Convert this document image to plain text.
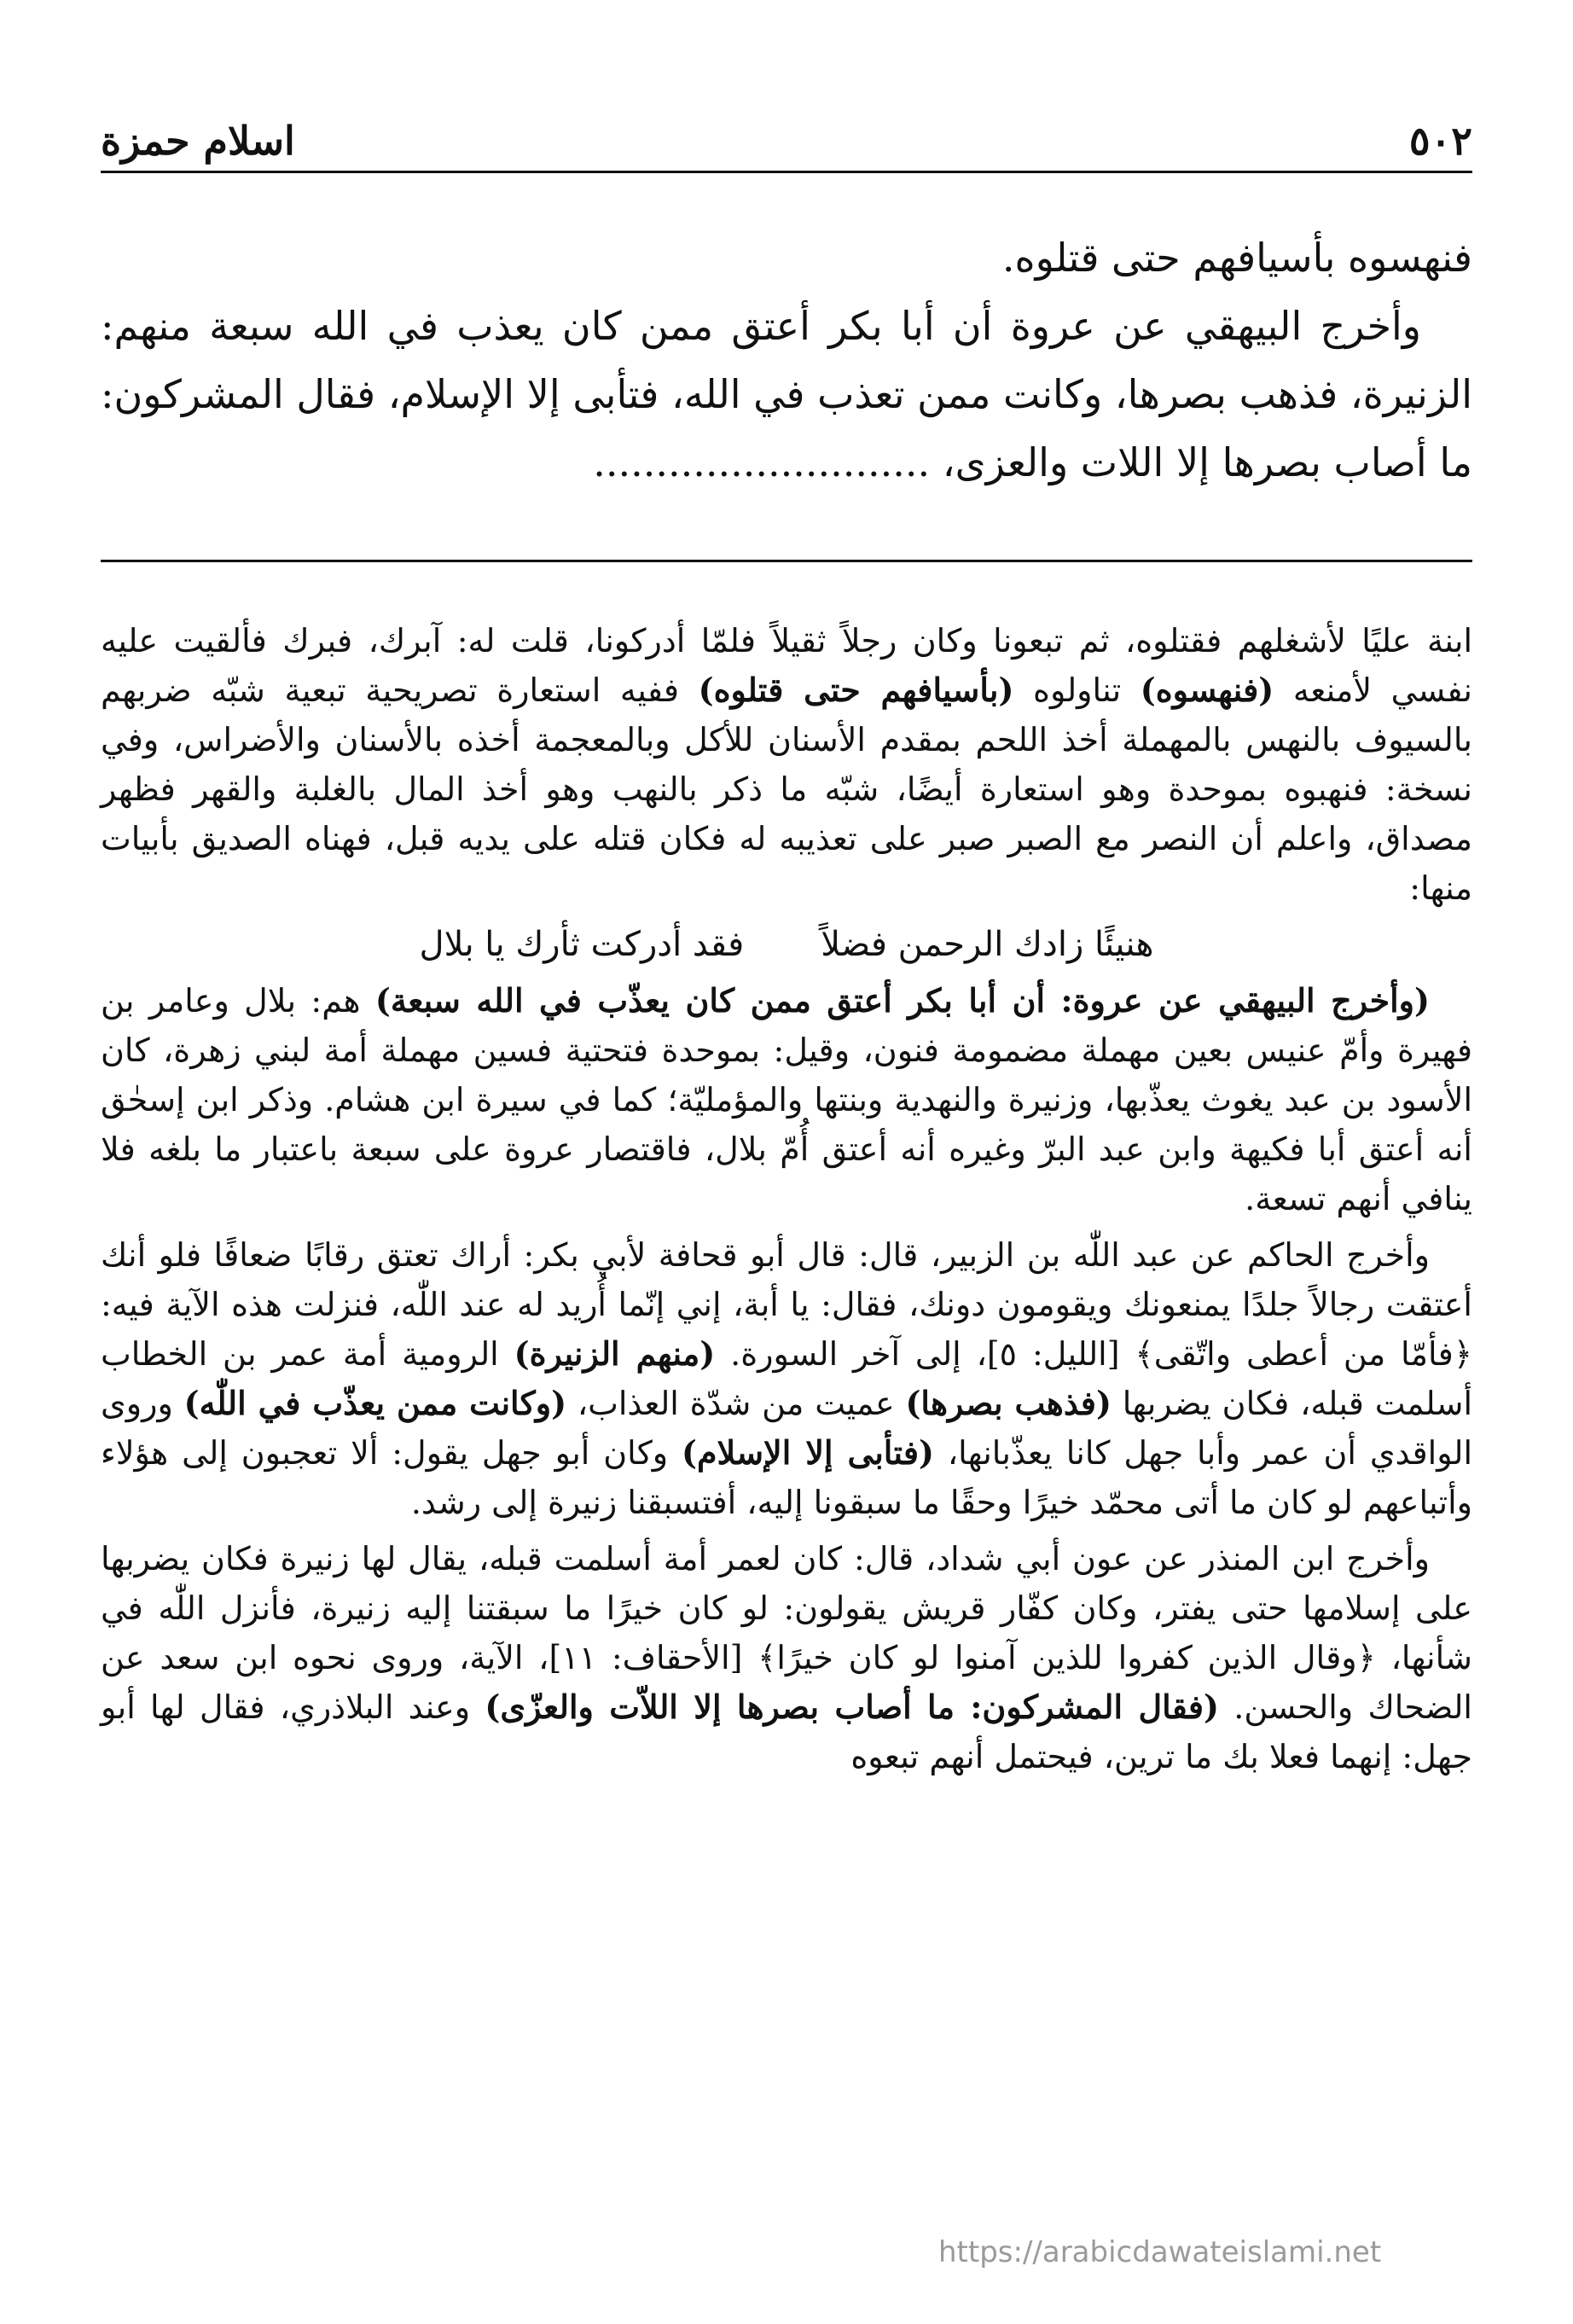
٥٠٢
اسلام حمزة

فنهسوه بأسيافهم حتى قتلوه.

وأخرج البيهقي عن عروة أن أبا بكر أعتق ممن كان يعذب في الله سبعة منهم: الزنيرة، فذهب بصرها، وكانت ممن تعذب في الله، فتأبى إلا الإسلام، فقال المشركون: ما أصاب بصرها إلا اللات والعزى، ...........................

ابنة عليًا لأشغلهم فقتلوه، ثم تبعونا وكان رجلاً ثقيلاً فلمّا أدركونا، قلت له: آبرك، فبرك فألقيت عليه نفسي لأمنعه (فنهسوه) تناولوه (بأسيافهم حتى قتلوه) ففيه استعارة تصريحية تبعية شبّه ضربهم بالسيوف بالنهس بالمهملة أخذ اللحم بمقدم الأسنان للأكل وبالمعجمة أخذه بالأسنان والأضراس، وفي نسخة: فنهبوه بموحدة وهو استعارة أيضًا، شبّه ما ذكر بالنهب وهو أخذ المال بالغلبة والقهر فظهر مصداق، واعلم أن النصر مع الصبر صبر على تعذيبه له فكان قتله على يديه قبل، فهناه الصديق بأبيات منها:

هنيئًا زادك الرحمن فضلاً
فقد أدركت ثأرك يا بلال

(وأخرج البيهقي عن عروة: أن أبا بكر أعتق ممن كان يعذّب في الله سبعة) هم: بلال وعامر بن فهيرة وأمّ عنيس بعين مهملة مضمومة فنون، وقيل: بموحدة فتحتية فسين مهملة أمة لبني زهرة، كان الأسود بن عبد يغوث يعذّبها، وزنيرة والنهدية وبنتها والمؤمليّة؛ كما في سيرة ابن هشام. وذكر ابن إسحٰق أنه أعتق أبا فكيهة وابن عبد البرّ وغيره أنه أعتق أُمّ بلال، فاقتصار عروة على سبعة باعتبار ما بلغه فلا ينافي أنهم تسعة.

وأخرج الحاكم عن عبد اللّٰه بن الزبير، قال: قال أبو قحافة لأبي بكر: أراك تعتق رقابًا ضعافًا فلو أنك أعتقت رجالاً جلدًا يمنعونك ويقومون دونك، فقال: يا أبة، إني إنّما أُريد له عند اللّٰه، فنزلت هذه الآية فيه: ﴿فأمّا من أعطى واتّقى﴾ [الليل: ٥]، إلى آخر السورة. (منهم الزنيرة) الرومية أمة عمر بن الخطاب أسلمت قبله، فكان يضربها (فذهب بصرها) عميت من شدّة العذاب، (وكانت ممن يعذّب في اللّٰه) وروى الواقدي أن عمر وأبا جهل كانا يعذّبانها، (فتأبى إلا الإسلام) وكان أبو جهل يقول: ألا تعجبون إلى هؤلاء وأتباعهم لو كان ما أتى محمّد خيرًا وحقًا ما سبقونا إليه، أفتسبقنا زنيرة إلى رشد.

وأخرج ابن المنذر عن عون أبي شداد، قال: كان لعمر أمة أسلمت قبله، يقال لها زنيرة فكان يضربها على إسلامها حتى يفتر، وكان كفّار قريش يقولون: لو كان خيرًا ما سبقتنا إليه زنيرة، فأنزل اللّٰه في شأنها، ﴿وقال الذين كفروا للذين آمنوا لو كان خيرًا﴾ [الأحقاف: ١١]، الآية، وروى نحوه ابن سعد عن الضحاك والحسن. (فقال المشركون: ما أصاب بصرها إلا اللاّت والعزّى) وعند البلاذري، فقال لها أبو جهل: إنهما فعلا بك ما ترين، فيحتمل أنهم تبعوه

https://arabicdawateislami.net
